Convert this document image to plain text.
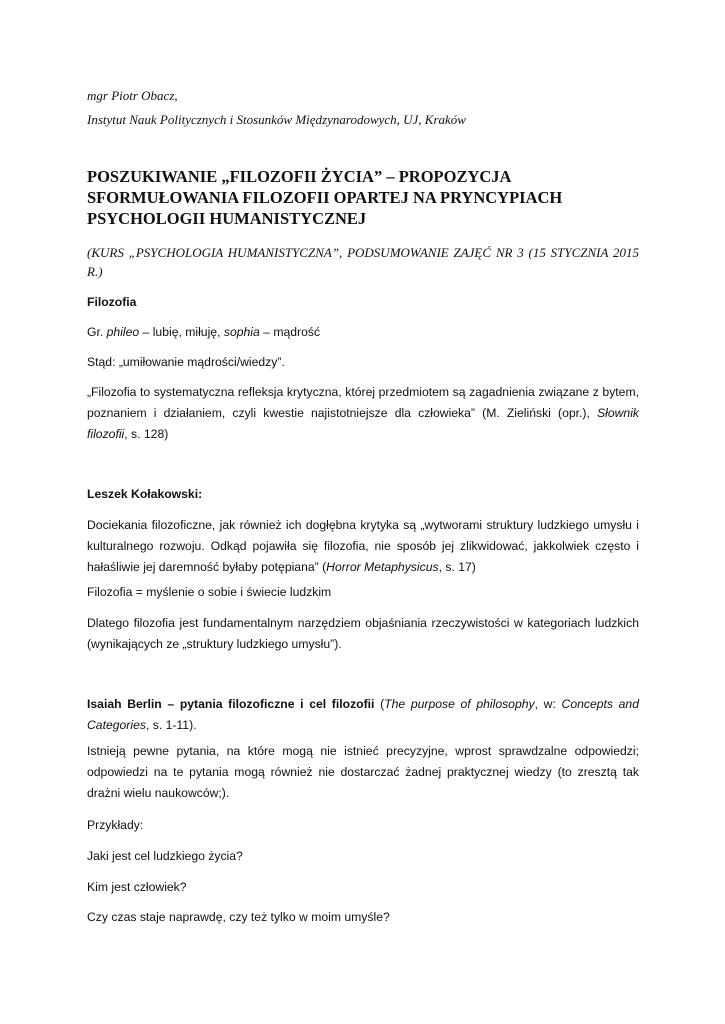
mgr Piotr Obacz,
Instytut Nauk Politycznych i Stosunków Międzynarodowych, UJ, Kraków
POSZUKIWANIE „FILOZOFII ŻYCIA” – PROPOZYCJA SFORMUŁOWANIA FILOZOFII OPARTEJ NA PRYNCYPIACH PSYCHOLOGII HUMANISTYCZNEJ
(KURS „PSYCHOLOGIA HUMANISTYCZNA”, PODSUMOWANIE ZAJĘĆ NR 3 (15 STYCZNIA 2015 R.)

Filozofia

Gr. phileo – lubię, miłuję, sophia – mądrość

Stąd: „umiłowanie mądrości/wiedzy”.

„Filozofia to systematyczna refleksja krytyczna, której przedmiotem są zagadnienia związane z bytem, poznaniem i działaniem, czyli kwestie najistotniejsze dla człowieka” (M. Zieliński (opr.), Słownik filozofii, s. 128)

Leszek Kołakowski:

Dociekania filozoficzne, jak również ich dogłębna krytyka są „wytworami struktury ludzkiego umysłu i kulturalnego rozwoju. Odkąd pojawiła się filozofia, nie sposób jej zlikwidować, jakkolwiek często i hałaśliwie jej daremność byłaby potępiana” (Horror Metaphysicus, s. 17)

Filozofia = myślenie o sobie i świecie ludzkim

Dlatego filozofia jest fundamentalnym narzędziem objaśniania rzeczywistości w kategoriach ludzkich (wynikających ze „struktury ludzkiego umysłu”).

Isaiah Berlin – pytania filozoficzne i cel filozofii (The purpose of philosophy, w: Concepts and Categories, s. 1-11).

Istnieją pewne pytania, na które mogą nie istnieć precyzyjne, wprost sprawdzalne odpowiedzi; odpowiedzi na te pytania mogą również nie dostarczać żadnej praktycznej wiedzy (to zresztą tak drażni wielu naukowców;).

Przykłady:

Jaki jest cel ludzkiego życia?

Kim jest człowiek?

Czy czas staje naprawdę, czy też tylko w moim umyśle?
